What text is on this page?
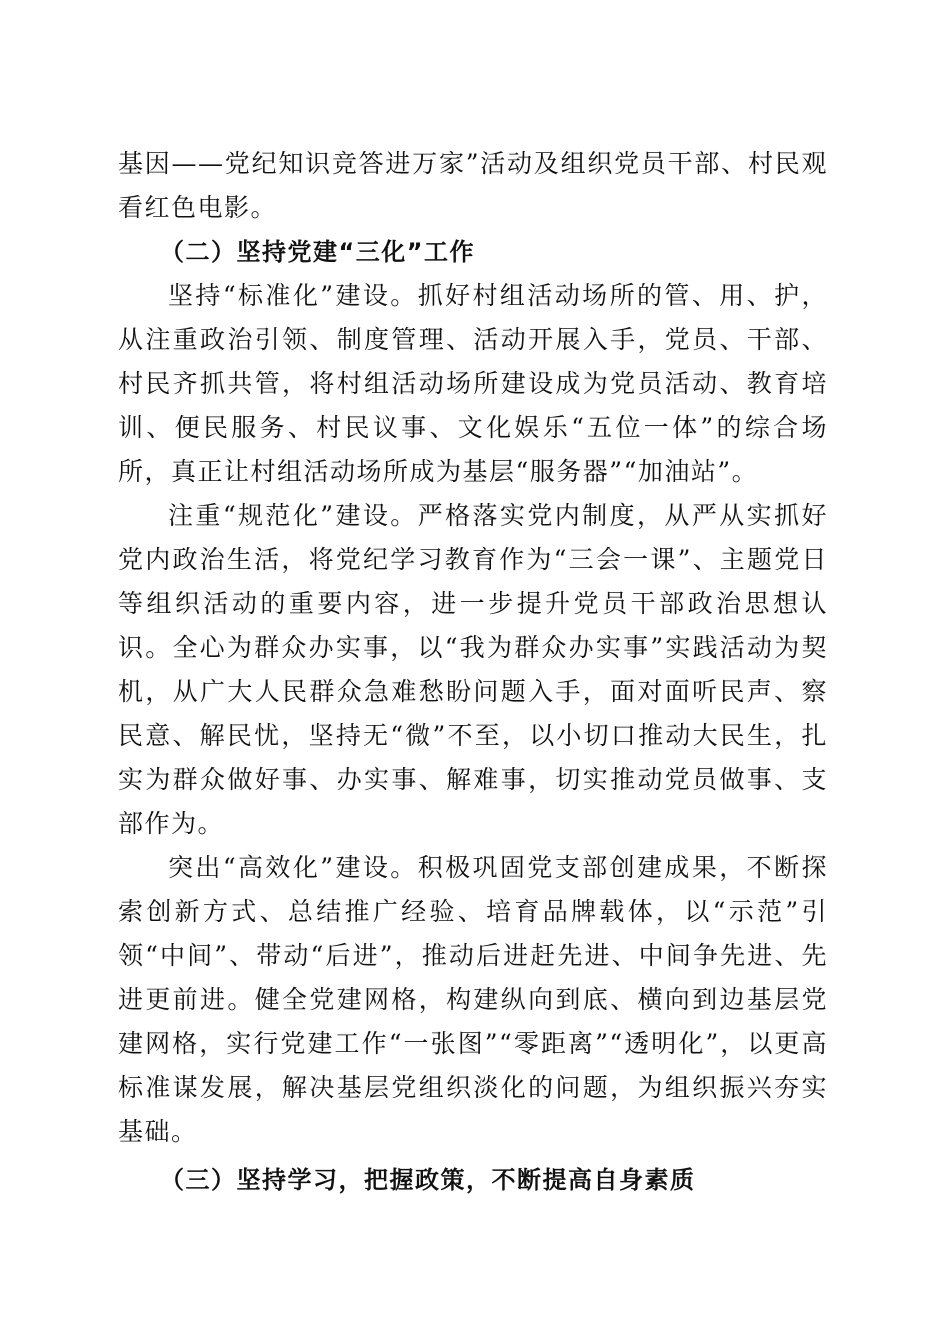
基因——党纪知识竞答进万家”活动及组织党员干部、村民观看红色电影。

（二）坚持党建“三化”工作

坚持“标准化”建设。抓好村组活动场所的管、用、护，从注重政治引领、制度管理、活动开展入手，党员、干部、村民齐抓共管，将村组活动场所建设成为党员活动、教育培训、便民服务、村民议事、文化娱乐“五位一体”的综合场所，真正让村组活动场所成为基层“服务器”“加油站”。

注重“规范化”建设。严格落实党内制度，从严从实抓好党内政治生活，将党纪学习教育作为“三会一课”、主题党日等组织活动的重要内容，进一步提升党员干部政治思想认识。全心为群众办实事，以“我为群众办实事”实践活动为契机，从广大人民群众急难愁盼问题入手，面对面听民声、察民意、解民忧，坚持无“微”不至，以小切口推动大民生，扎实为群众做好事、办实事、解难事，切实推动党员做事、支部作为。

突出“高效化”建设。积极巩固党支部创建成果，不断探索创新方式、总结推广经验、培育品牌载体，以“示范”引领“中间”、带动“后进”，推动后进赶先进、中间争先进、先进更前进。健全党建网格，构建纵向到底、横向到边基层党建网格，实行党建工作“一张图”“零距离”“透明化”，以更高标准谋发展，解决基层党组织淡化的问题，为组织振兴夯实基础。

（三）坚持学习，把握政策，不断提高自身素质
